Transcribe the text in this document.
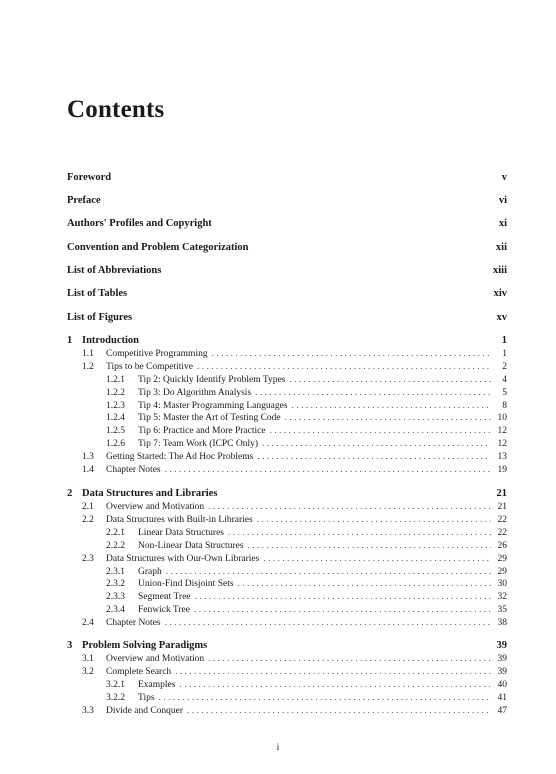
Contents
Foreword	v
Preface	vi
Authors' Profiles and Copyright	xi
Convention and Problem Categorization	xii
List of Abbreviations	xiii
List of Tables	xiv
List of Figures	xv
1 Introduction	1
1.1	Competitive Programming . . .	1
1.2	Tips to be Competitive . . .	2
1.2.1	Tip 2: Quickly Identify Problem Types . . .	4
1.2.2	Tip 3: Do Algorithm Analysis . . .	5
1.2.3	Tip 4: Master Programming Languages . . .	8
1.2.4	Tip 5: Master the Art of Testing Code . . .	10
1.2.5	Tip 6: Practice and More Practice . . .	12
1.2.6	Tip 7: Team Work (ICPC Only) . . .	12
1.3	Getting Started: The Ad Hoc Problems . . .	13
1.4	Chapter Notes . . .	19
2 Data Structures and Libraries	21
2.1	Overview and Motivation . . .	21
2.2	Data Structures with Built-in Libraries . . .	22
2.2.1	Linear Data Structures . . .	22
2.2.2	Non-Linear Data Structures . . .	26
2.3	Data Structures with Our-Own Libraries . . .	29
2.3.1	Graph . . .	29
2.3.2	Union-Find Disjoint Sets . . .	30
2.3.3	Segment Tree . . .	32
2.3.4	Fenwick Tree . . .	35
2.4	Chapter Notes . . .	38
3 Problem Solving Paradigms	39
3.1	Overview and Motivation . . .	39
3.2	Complete Search . . .	39
3.2.1	Examples . . .	40
3.2.2	Tips . . .	41
3.3	Divide and Conquer . . .	47
i
